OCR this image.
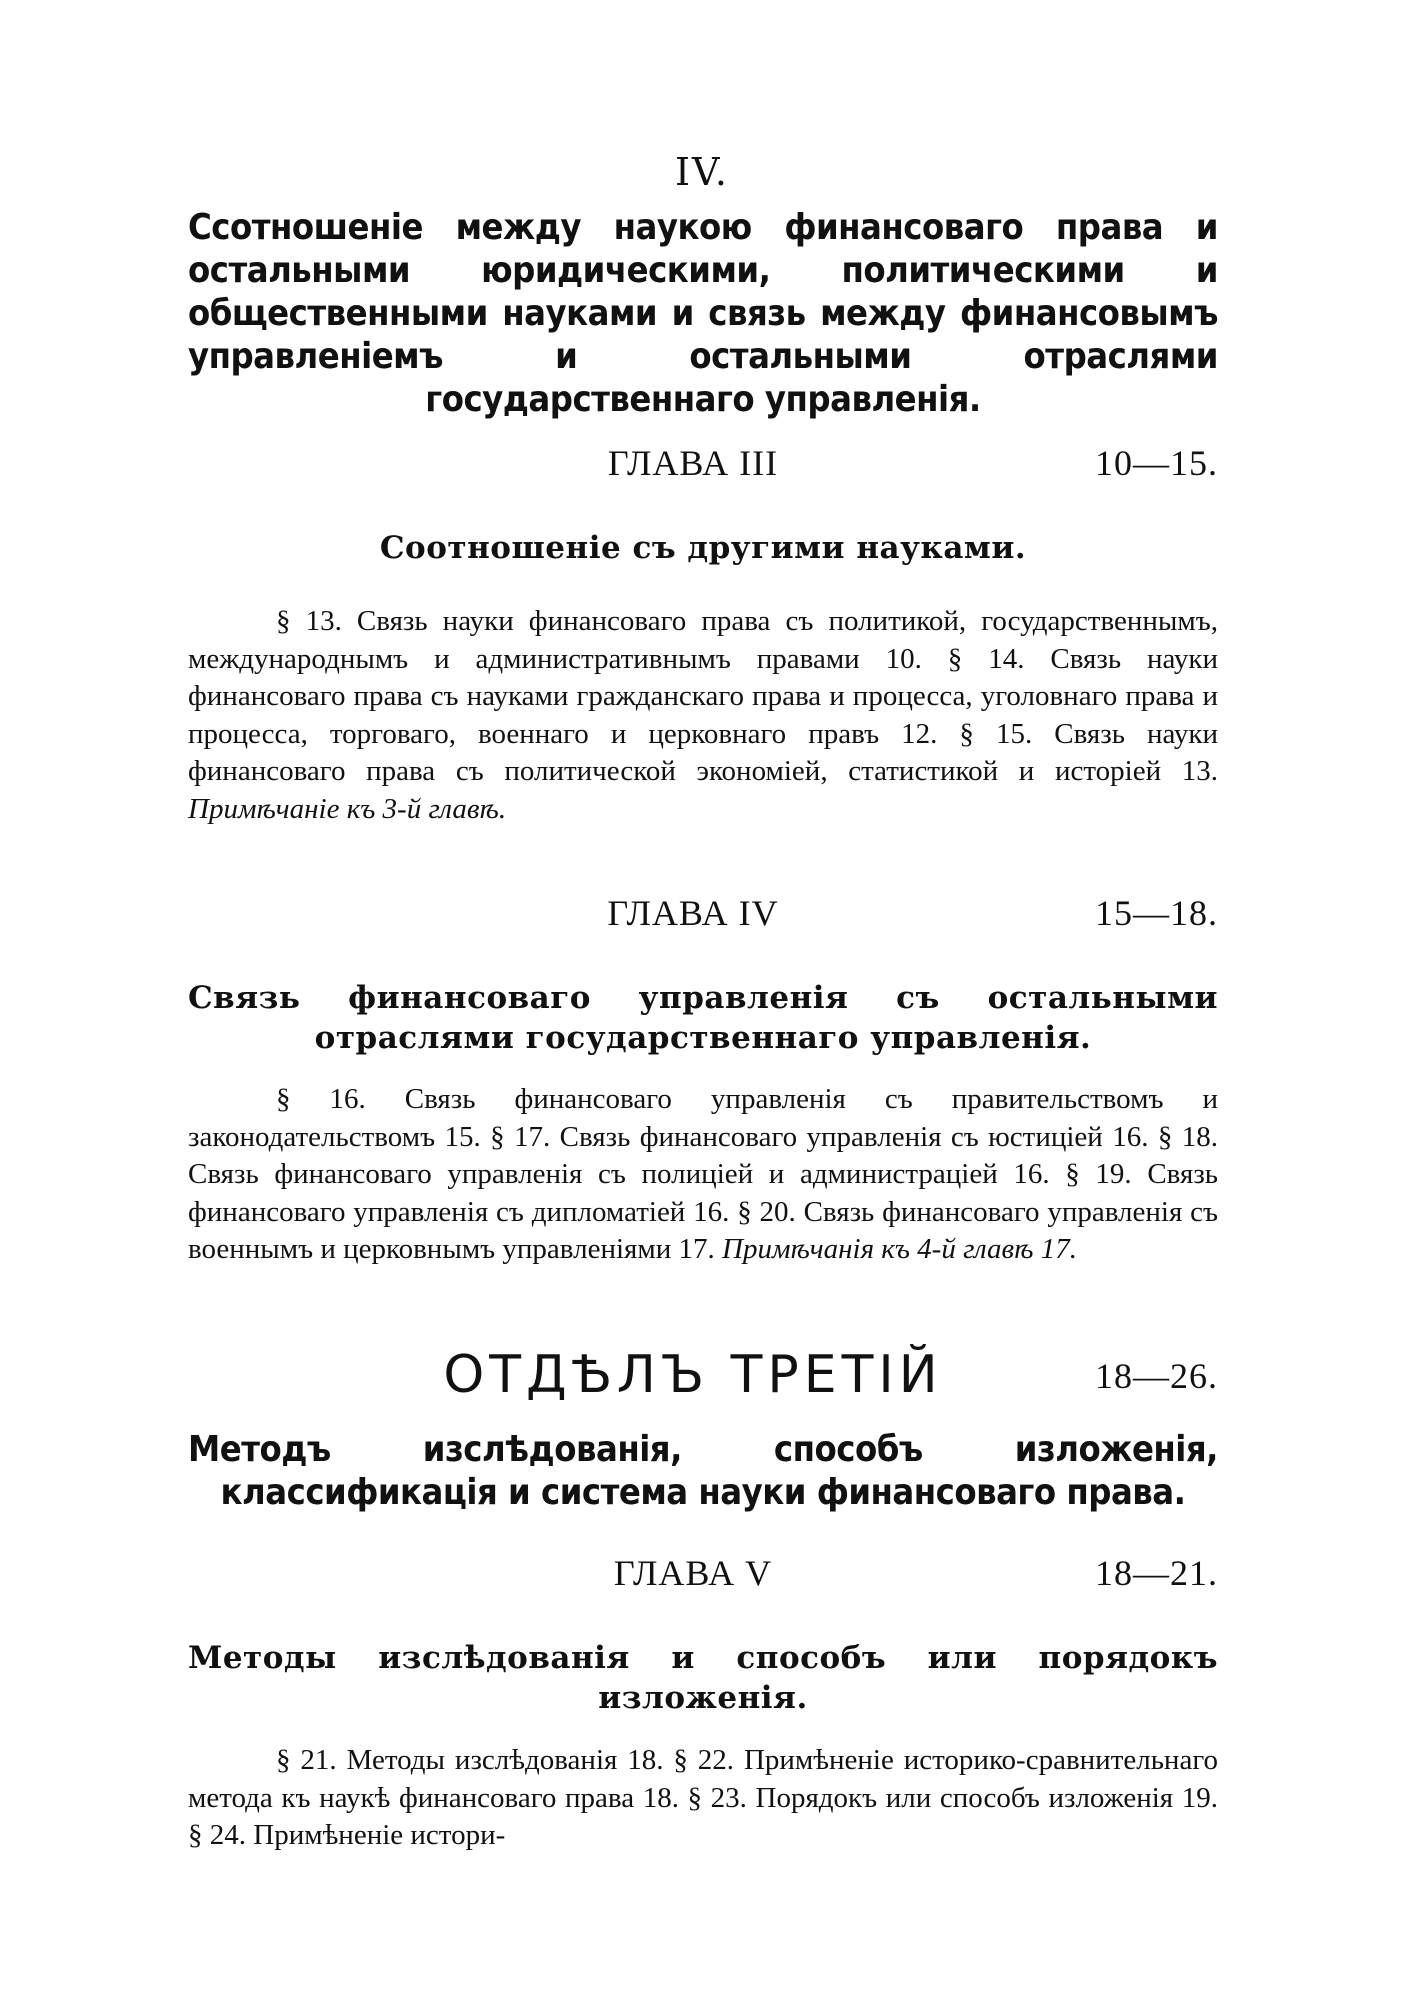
IV.
Ссотношеніе между наукою финансоваго права и остальными юридическими, политическими и общественными науками и связь между финансовымъ управленіемъ и остальными отраслями государственнаго управленія.
ГЛАВА III	10—15.
Соотношеніе съ другими науками.
§ 13. Связь науки финансоваго права съ политикой, государственнымъ, международнымъ и административнымъ правами 10. § 14. Связь науки финансоваго права съ науками гражданскаго права и процесса, уголовнаго права и процесса, торговаго, военнаго и церковнаго правъ 12. § 15. Связь науки финансоваго права съ политической экономіей, статистикой и исторіей 13. Примѣчаніе къ 3-й главѣ.
ГЛАВА IV	15—18.
Связь финансоваго управленія съ остальными отраслями государственнаго управленія.
§ 16. Связь финансоваго управленія съ правительствомъ и законодательствомъ 15. § 17. Связь финансоваго управленія съ юстиціей 16. § 18. Связь финансоваго управленія съ полиціей и администраціей 16. § 19. Связь финансоваго управленія съ дипломатіей 16. § 20. Связь финансоваго управленія съ военнымъ и церковнымъ управленіями 17. Примѣчанія къ 4-й главѣ 17.
ОТДѢЛЪ ТРЕТІЙ	18—26.
Методъ изслѣдованія, способъ изложенія, классификація и система науки финансоваго права.
ГЛАВА V	18—21.
Методы изслѣдованія и способъ или порядокъ изложенія.
§ 21. Методы изслѣдованія 18. § 22. Примѣненіе историко-сравнительнаго метода къ наукѣ финансоваго права 18. § 23. Порядокъ или способъ изложенія 19. § 24. Примѣненіе истори-
